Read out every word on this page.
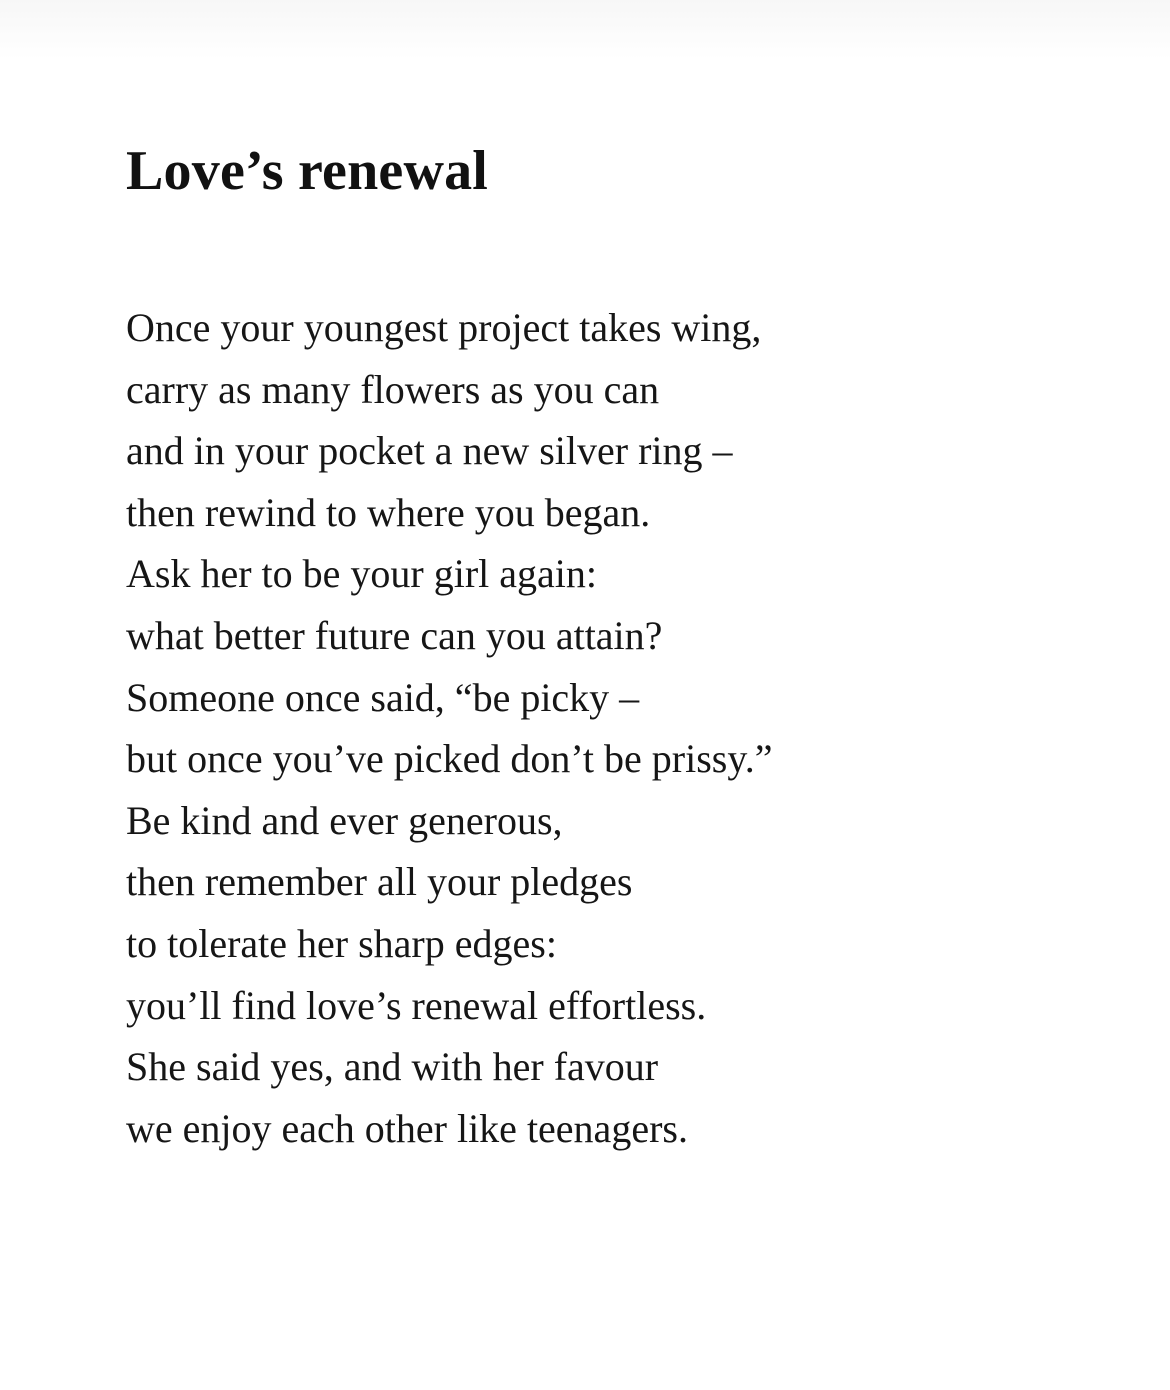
Love’s renewal
Once your youngest project takes wing,
carry as many flowers as you can
and in your pocket a new silver ring –
then rewind to where you began.
Ask her to be your girl again:
what better future can you attain?
Someone once said, “be picky –
but once you’ve picked don’t be prissy.”
Be kind and ever generous,
then remember all your pledges
to tolerate her sharp edges:
you’ll find love’s renewal effortless.
She said yes, and with her favour
we enjoy each other like teenagers.
